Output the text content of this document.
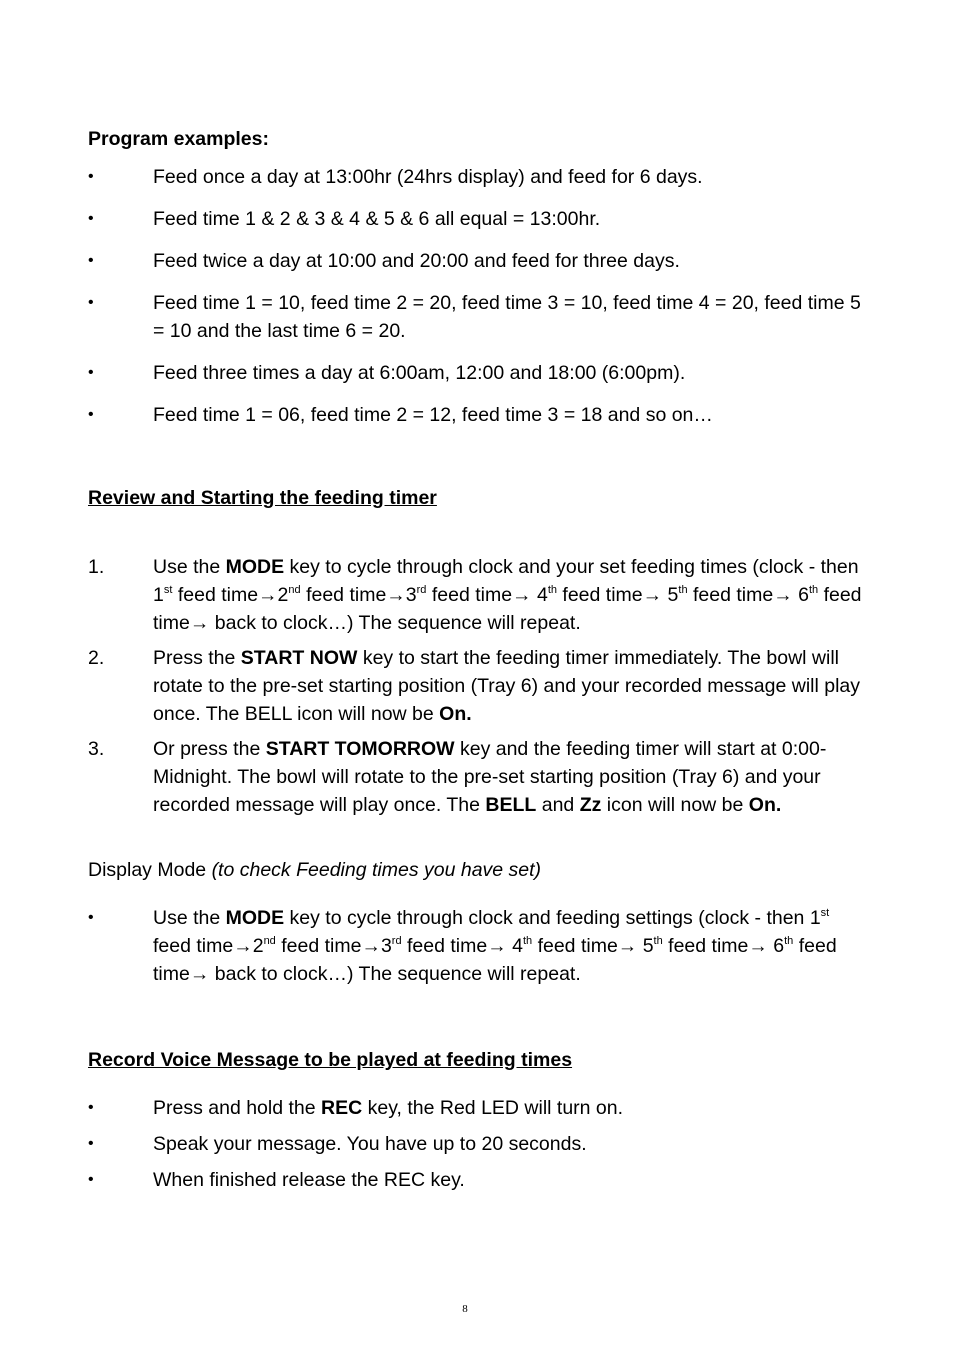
Program examples:
•	Feed once a day at 13:00hr (24hrs display) and feed for 6 days.
•	Feed time 1 & 2 & 3 & 4 & 5 & 6 all equal = 13:00hr.
•	Feed twice a day at 10:00 and 20:00 and feed for three days.
•	Feed time 1 = 10, feed time 2 = 20, feed time 3 = 10, feed time 4 = 20, feed time 5 = 10 and the last time 6 = 20.
•	Feed three times a day at 6:00am, 12:00 and 18:00 (6:00pm).
•	Feed time 1 = 06, feed time 2 = 12, feed time 3 = 18 and so on…
Review and Starting the feeding timer
1.	Use the MODE key to cycle through clock and your set feeding times (clock - then 1st feed time→2nd feed time→3rd feed time→ 4th feed time→ 5th feed time→ 6th feed time→ back to clock…) The sequence will repeat.
2.	Press the START NOW key to start the feeding timer immediately. The bowl will rotate to the pre-set starting position (Tray 6) and your recorded message will play once. The BELL icon will now be On.
3.	Or press the START TOMORROW key and the feeding timer will start at 0:00-Midnight. The bowl will rotate to the pre-set starting position (Tray 6) and your recorded message will play once. The BELL and Zz icon will now be On.
Display Mode (to check Feeding times you have set)
•	Use the MODE key to cycle through clock and feeding settings (clock - then 1st feed time→2nd feed time→3rd feed time→ 4th feed time→ 5th feed time→ 6th feed time→ back to clock…) The sequence will repeat.
Record Voice Message to be played at feeding times
•	Press and hold the REC key, the Red LED will turn on.
•	Speak your message. You have up to 20 seconds.
•	When finished release the REC key.
8
